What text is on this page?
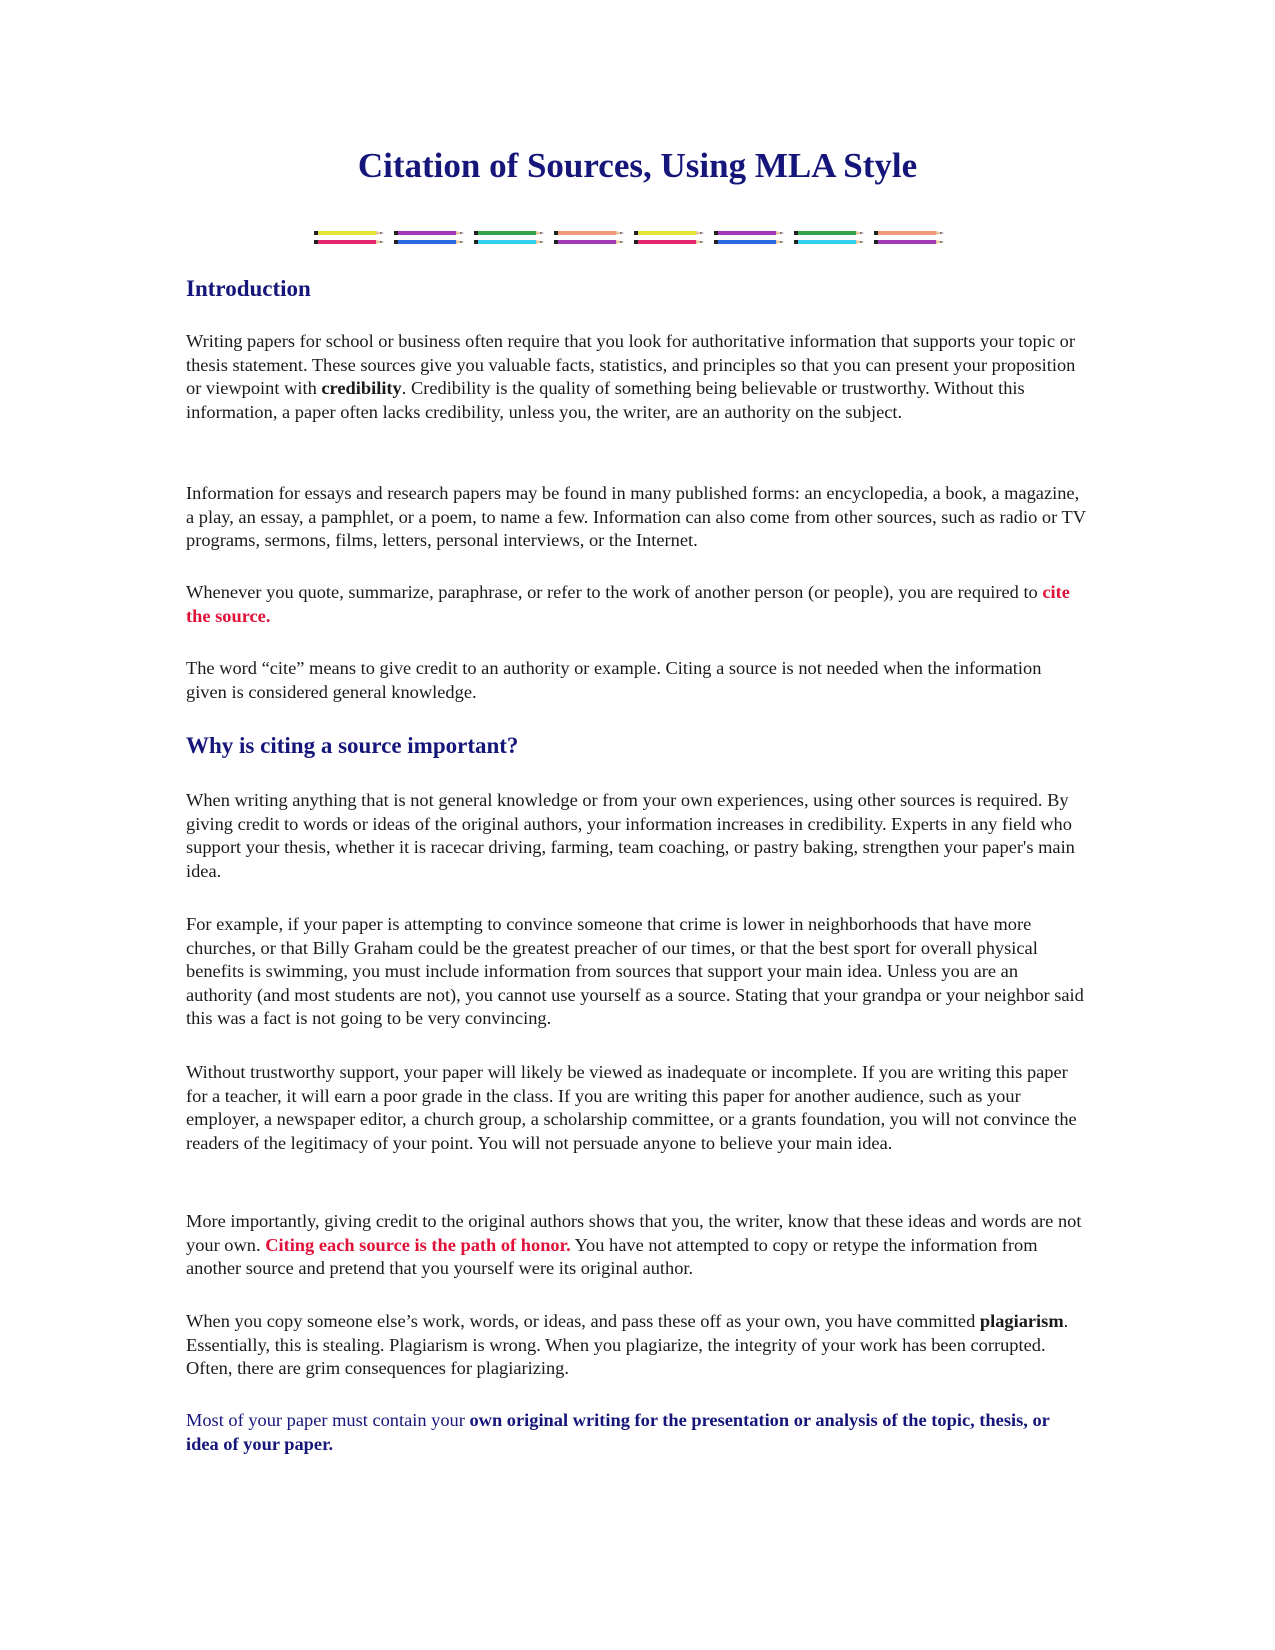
Citation of Sources, Using MLA Style
Introduction

Writing papers for school or business often require that you look for authoritative information that supports your topic or thesis statement. These sources give you valuable facts, statistics, and principles so that you can present your proposition or viewpoint with credibility. Credibility is the quality of something being believable or trustworthy. Without this information, a paper often lacks credibility, unless you, the writer, are an authority on the subject.

Information for essays and research papers may be found in many published forms: an encyclopedia, a book, a magazine, a play, an essay, a pamphlet, or a poem, to name a few. Information can also come from other sources, such as radio or TV programs, sermons, films, letters, personal interviews, or the Internet.

Whenever you quote, summarize, paraphrase, or refer to the work of another person (or people), you are required to cite the source.

The word “cite” means to give credit to an authority or example. Citing a source is not needed when the information given is considered general knowledge.

Why is citing a source important?

When writing anything that is not general knowledge or from your own experiences, using other sources is required. By giving credit to words or ideas of the original authors, your information increases in credibility. Experts in any field who support your thesis, whether it is racecar driving, farming, team coaching, or pastry baking, strengthen your paper's main idea.

For example, if your paper is attempting to convince someone that crime is lower in neighborhoods that have more churches, or that Billy Graham could be the greatest preacher of our times, or that the best sport for overall physical benefits is swimming, you must include information from sources that support your main idea. Unless you are an authority (and most students are not), you cannot use yourself as a source. Stating that your grandpa or your neighbor said this was a fact is not going to be very convincing.

Without trustworthy support, your paper will likely be viewed as inadequate or incomplete. If you are writing this paper for a teacher, it will earn a poor grade in the class. If you are writing this paper for another audience, such as your employer, a newspaper editor, a church group, a scholarship committee, or a grants foundation, you will not convince the readers of the legitimacy of your point. You will not persuade anyone to believe your main idea.

More importantly, giving credit to the original authors shows that you, the writer, know that these ideas and words are not your own. Citing each source is the path of honor. You have not attempted to copy or retype the information from another source and pretend that you yourself were its original author.

When you copy someone else’s work, words, or ideas, and pass these off as your own, you have committed plagiarism. Essentially, this is stealing. Plagiarism is wrong. When you plagiarize, the integrity of your work has been corrupted. Often, there are grim consequences for plagiarizing.

Most of your paper must contain your own original writing for the presentation or analysis of the topic, thesis, or idea of your paper.
